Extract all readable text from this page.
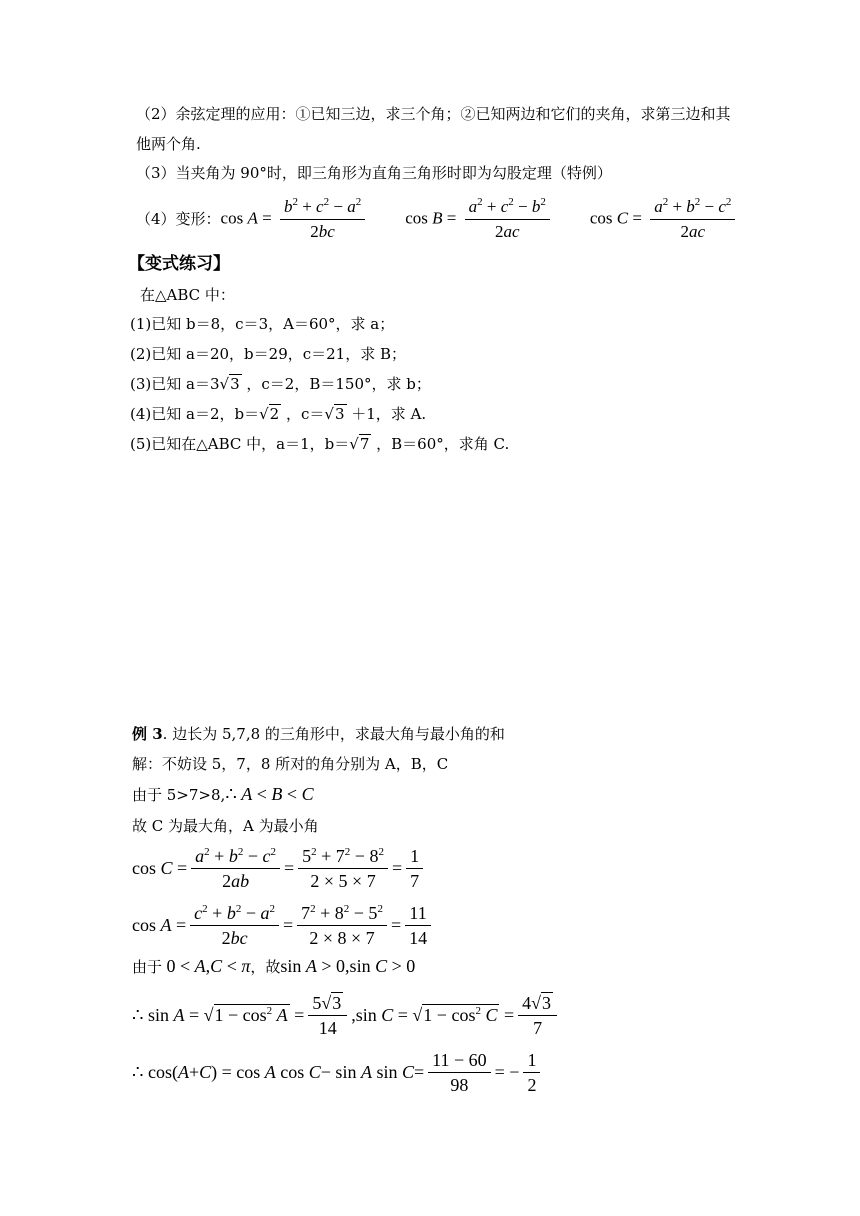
（2）余弦定理的应用：①已知三边，求三个角；②已知两边和它们的夹角，求第三边和其
他两个角.
（3）当夹角为 90°时，即三角形为直角三角形时即为勾股定理（特例）
（4）变形： $\cos A = \frac{b^2 + c^2 - a^2}{2bc}$ $\cos B = \frac{a^2 + c^2 - b^2}{2ac}$ $\cos C = \frac{a^2 + b^2 - c^2}{2ac}$
【变式练习】
在△ABC 中：
(1)已知 b＝8，c＝3，A＝60°，求 a；
(2)已知 a＝20，b＝29，c＝21，求 B；
(3)已知 a＝3√3 ，c＝2，B＝150°，求 b；
(4)已知 a＝2，b＝√2 ，c＝√3 ＋1，求 A.
(5)已知在△ABC 中，a＝1，b＝√7 ，B＝60°，求角 C.
例 3. 边长为 5,7,8 的三角形中，求最大角与最小角的和
解：不妨设 5，7，8 所对的角分别为 A，B，C
由于 5>7>8,∴ A < B < C
故 C 为最大角，A 为最小角
$\cos C = \frac{a^2 + b^2 - c^2}{2ab} = \frac{5^2 + 7^2 - 8^2}{2 \times 5 \times 7} = \frac{1}{7}$
$\cos A = \frac{c^2 + b^2 - a^2}{2bc} = \frac{7^2 + 8^2 - 5^2}{2 \times 8 \times 7} = \frac{11}{14}$
由于 0 < A,C < π，故sin A > 0,sin C > 0
∴ $\sin A = √1 - \cos^2 A = \frac{5√3}{14} ,\sin$ $C = √1 - \cos^2 C = \frac{4√3}{7}$
∴ cos( A + C ) = cos A cos C − sin A $\sin C = \frac{11 - 60}{98}$ = − $\frac{1}{2}$
